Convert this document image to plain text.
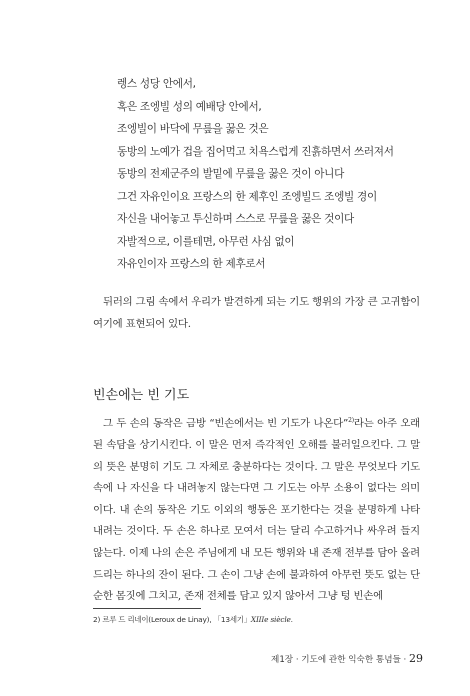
렝스 성당 안에서,
혹은 조엥빌 성의 예배당 안에서,
조엥빌이 바닥에 무릎을 꿇은 것은
동방의 노예가 겁을 집어먹고 치욕스럽게 진흙하면서 쓰러져서
동방의 전제군주의 발밑에 무릎을 꿇은 것이 아니다
그건 자유인이요 프랑스의 한 제후인 조엥빌드 조엥빌 경이
자신을 내어놓고 투신하며 스스로 무릎을 꿇은 것이다
자발적으로, 이를테면, 아무런 사심 없이
자유인이자 프랑스의 한 제후로서
뒤러의 그림 속에서 우리가 발견하게 되는 기도 행위의 가장 큰 고귀함이 여기에 표현되어 있다.
빈손에는 빈 기도
그 두 손의 동작은 금방 “빈손에서는 빈 기도가 나온다”$^{2)}$라는 아주 오래된 속담을 상기시킨다. 이 말은 먼저 즉각적인 오해를 불러일으킨다. 그 말의 뜻은 분명히 기도 그 자체로 충분하다는 것이다. 그 말은 무엇보다 기도 속에 나 자신을 다 내려놓지 않는다면 그 기도는 아무 소용이 없다는 의미이다. 내 손의 동작은 기도 이외의 행동은 포기한다는 것을 분명하게 나타내려는 것이다. 두 손은 하나로 모여서 더는 달리 수고하거나 싸우려 들지 않는다. 이제 나의 손은 주님에게 내 모든 행위와 내 존재 전부를 담아 올려 드리는 하나의 잔이 된다. 그 손이 그냥 손에 불과하여 아무런 뜻도 없는 단순한 몸짓에 그치고, 존재 전체를 담고 있지 않아서 그냥 텅 빈손에
2) 르루 드 리네이(Leroux de Linay), 「13세기」XIIIe siècle.
제1장 · 기도에 관한 익숙한 통념들 · 29
